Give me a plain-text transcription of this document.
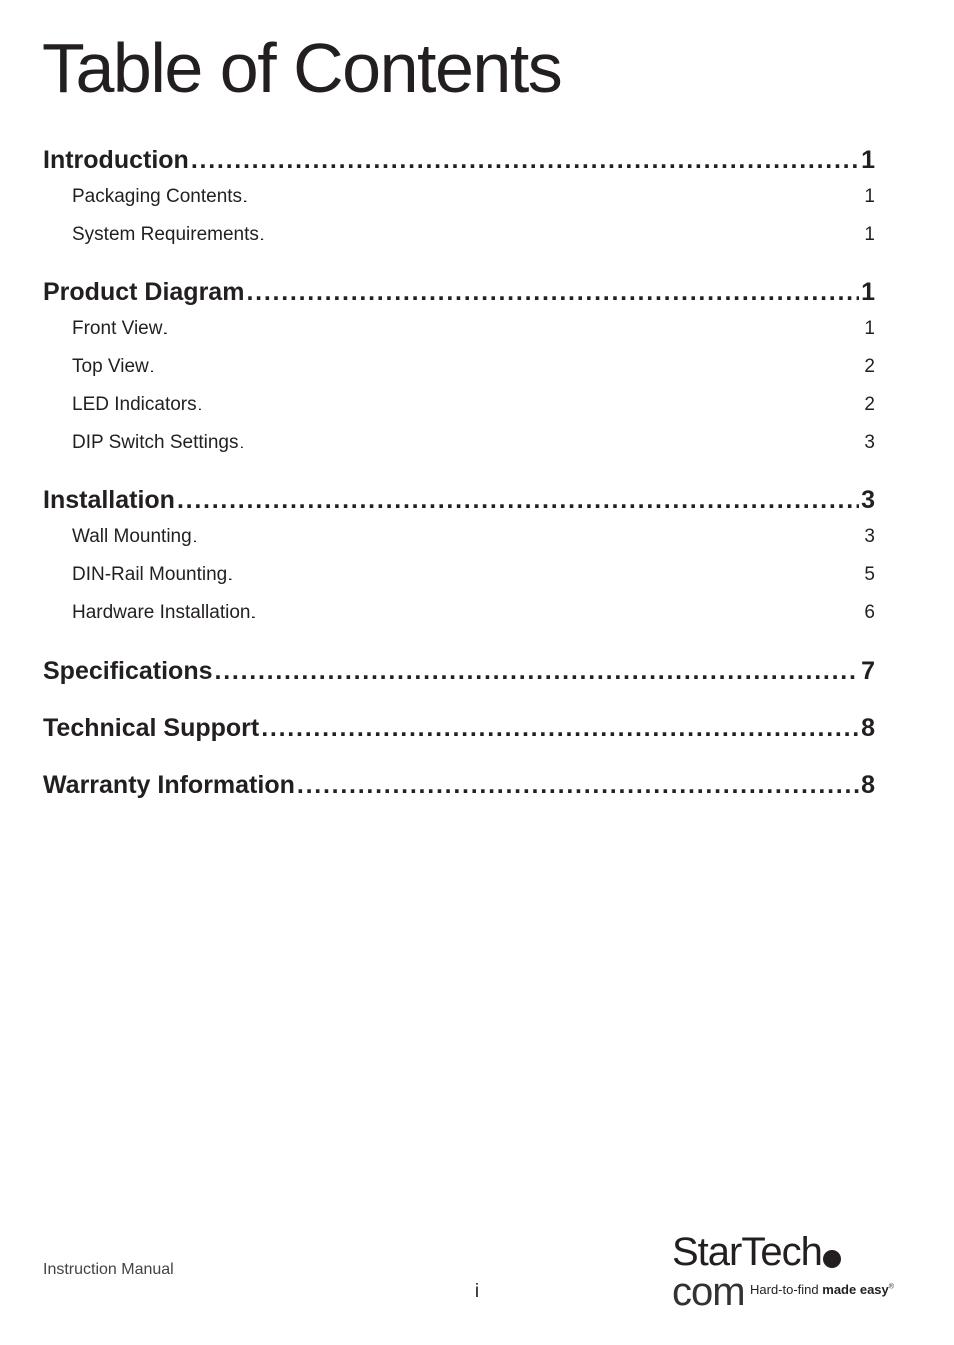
Table of Contents
Introduction . . .	1
Packaging Contents . . .	1
System Requirements . . .	1
Product Diagram . . .	1
Front View . . .	1
Top View . . .	2
LED Indicators . . .	2
DIP Switch Settings . . .	3
Installation . . .	3
Wall Mounting . . .	3
DIN-Rail Mounting . . .	5
Hardware Installation . . .	6
Specifications . . .	7
Technical Support . . .	8
Warranty Information . . .	8
Instruction Manual
i
StarTechcom Hard-to-find made easy®
